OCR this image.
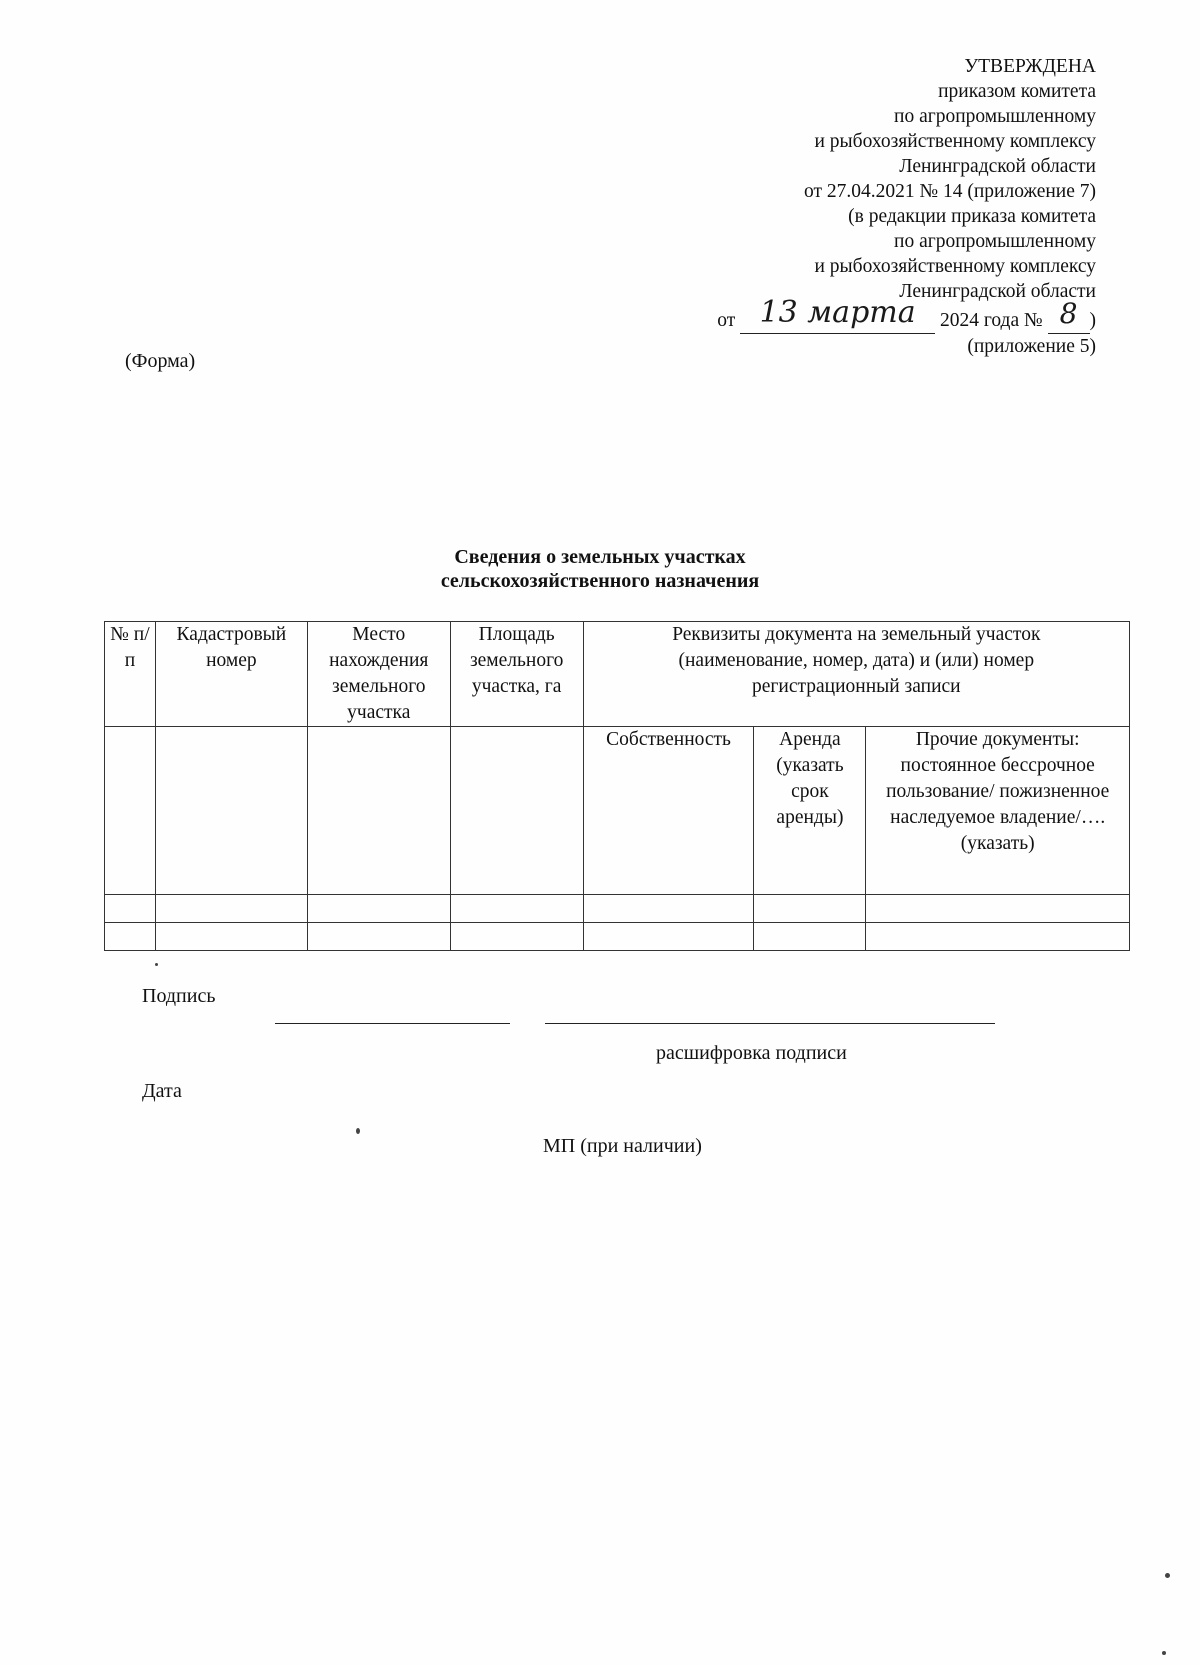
УТВЕРЖДЕНА
приказом комитета
по агропромышленному
и рыбохозяйственному комплексу
Ленинградской области
от 27.04.2021 № 14 (приложение 7)
(в редакции приказа комитета
по агропромышленному
и рыбохозяйственному комплексу
Ленинградской области
от 13 марта 2024 года № 8 )
(приложение 5)
(Форма)
Сведения о земельных участках
сельскохозяйственного назначения
№ п/п	Кадастровый номер	Место нахождения земельного участка	Площадь земельного участка, га	Реквизиты документа на земельный участок (наименование, номер, дата) и (или) номер регистрационный записи		
				Собственность	Аренда (указать срок аренды)	Прочие документы: постоянное бессрочное пользование/ пожизненное наследуемое владение/….(указать)

Подпись
расшифровка подписи
Дата
МП (при наличии)
